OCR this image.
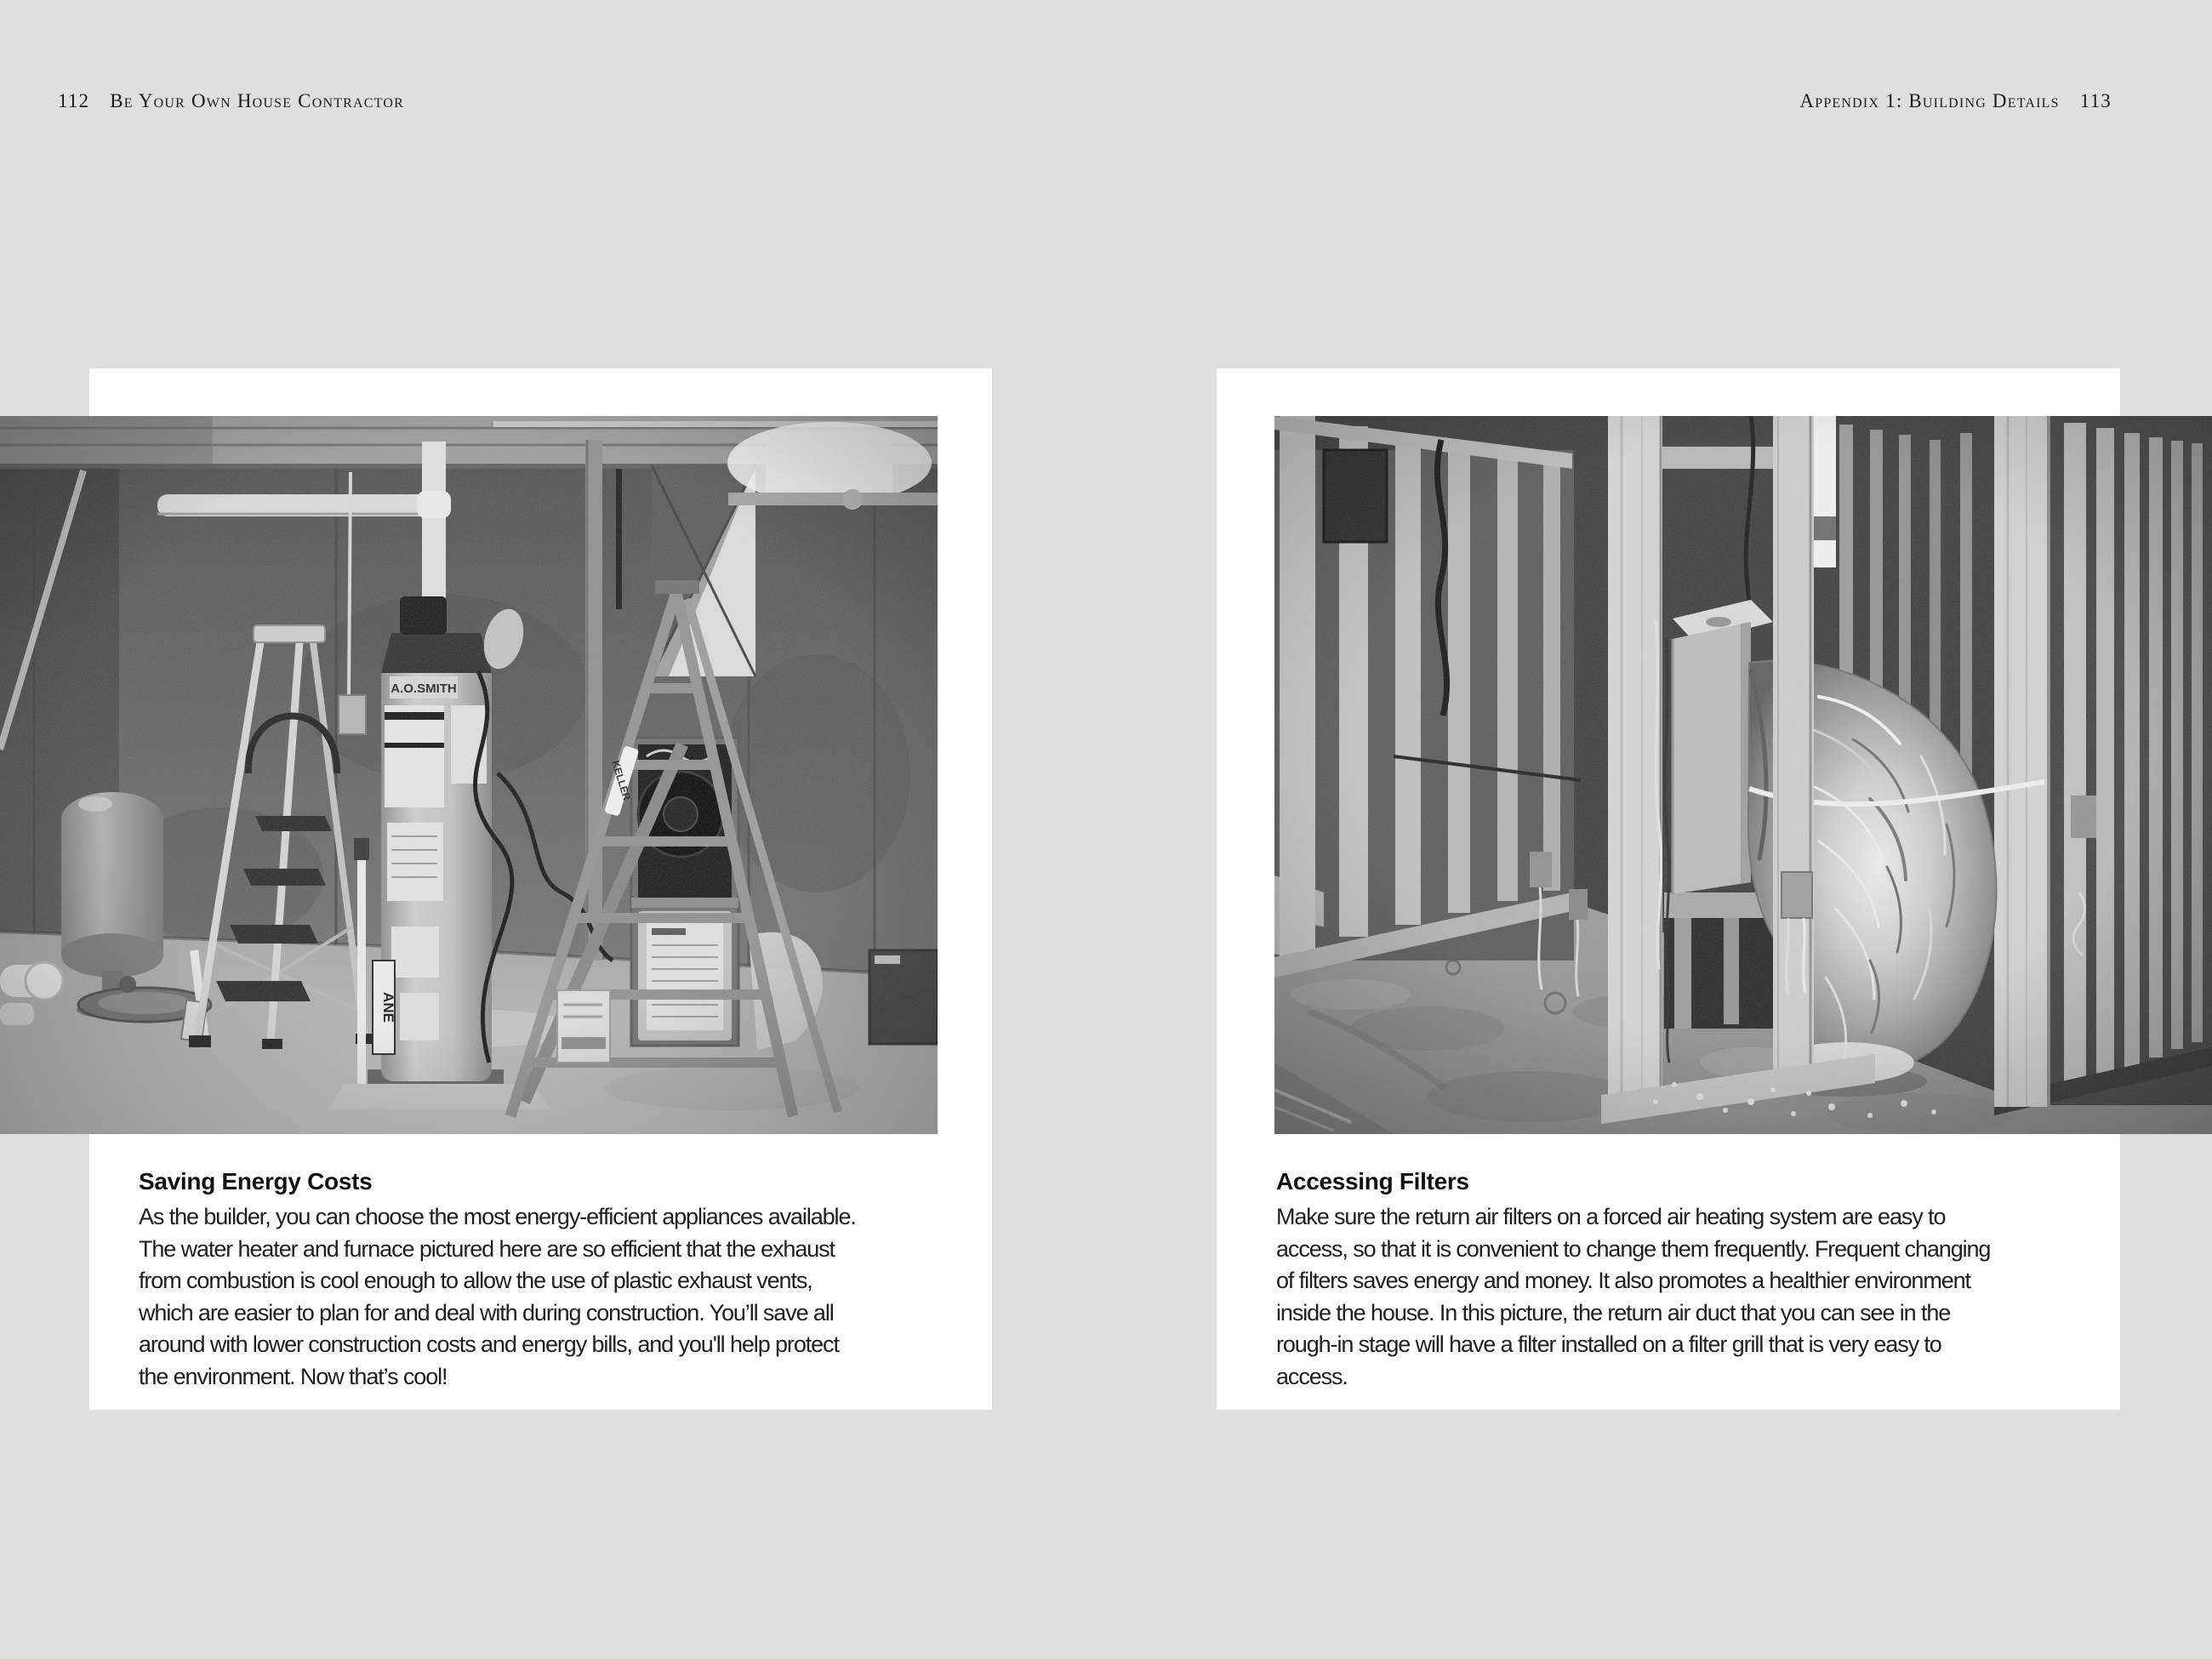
112 Be Your Own House Contractor	Appendix 1: Building Details 113
Saving Energy Costs

As the builder, you can choose the most energy-efficient appliances available.
The water heater and furnace pictured here are so efficient that the exhaust
from combustion is cool enough to allow the use of plastic exhaust vents,
which are easier to plan for and deal with during construction. You’ll save all
around with lower construction costs and energy bills, and you'll help protect
the environment. Now that’s cool!

Accessing Filters

Make sure the return air filters on a forced air heating system are easy to
access, so that it is convenient to change them frequently. Frequent changing
of filters saves energy and money. It also promotes a healthier environment
inside the house. In this picture, the return air duct that you can see in the
rough-in stage will have a filter installed on a filter grill that is very easy to
access.
